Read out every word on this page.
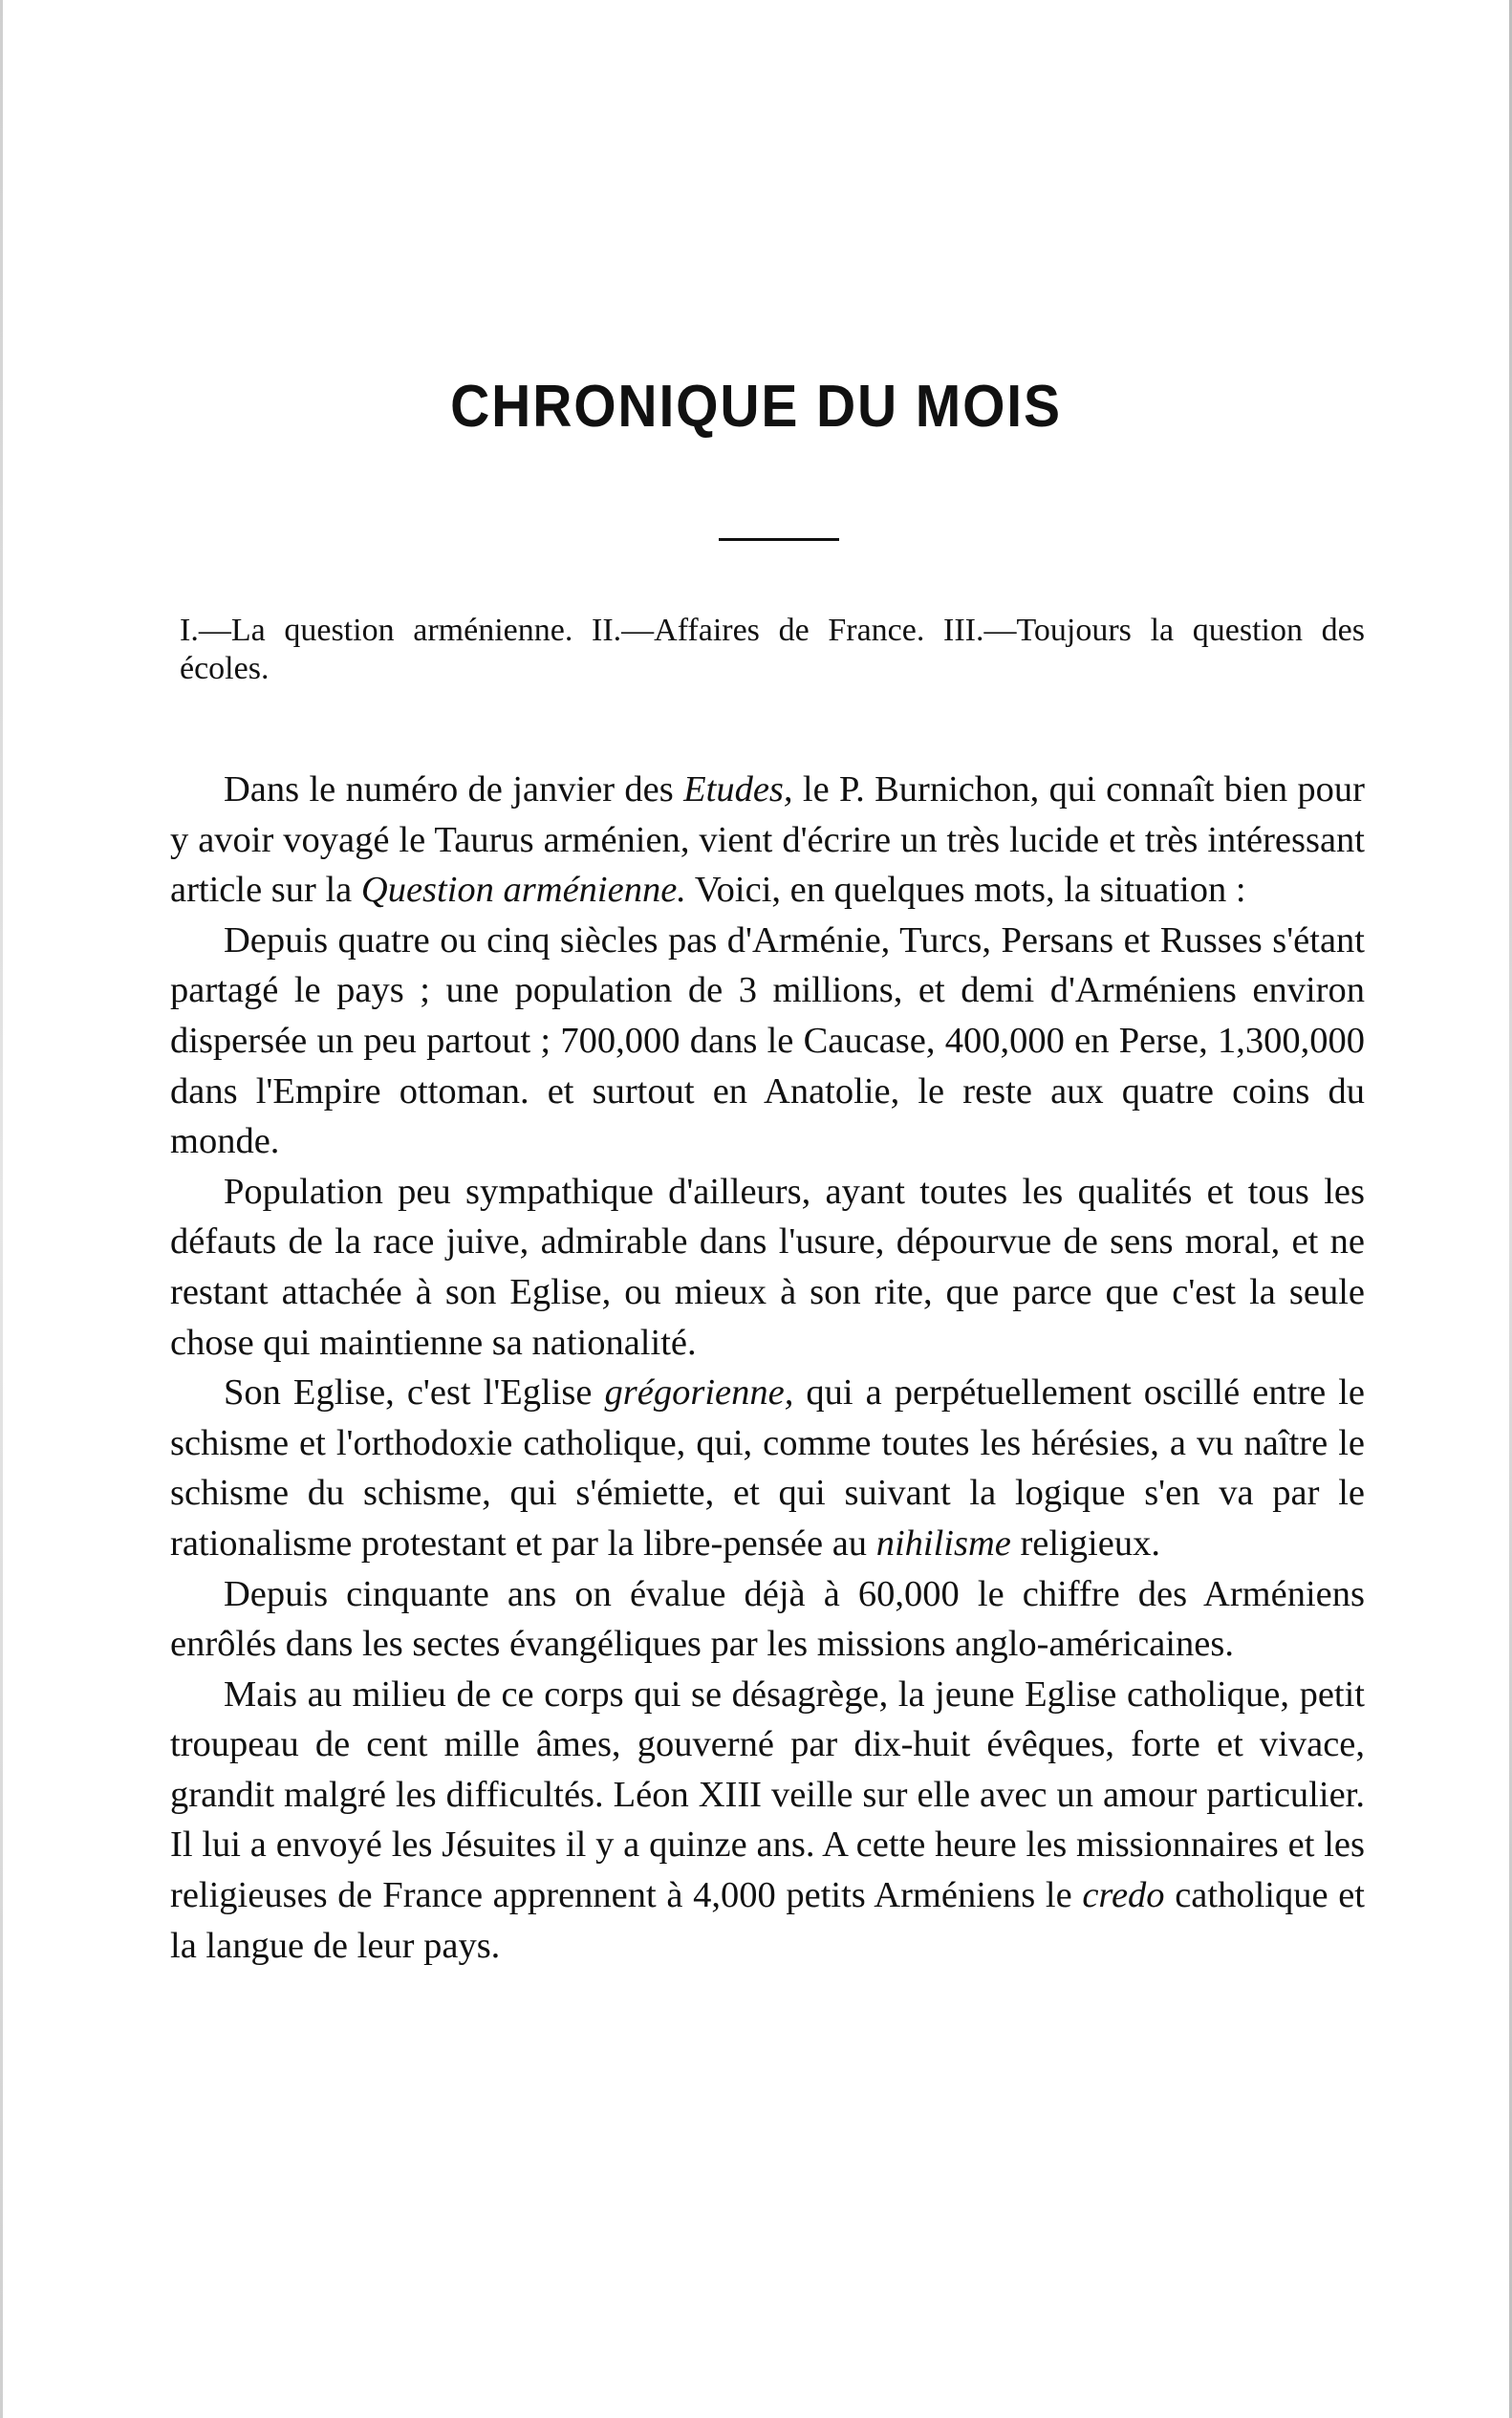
CHRONIQUE DU MOIS

I.—La question arménienne. II.—Affaires de France. III.—Toujours la question des écoles.

Dans le numéro de janvier des Etudes, le P. Burnichon, qui connaît bien pour y avoir voyagé le Taurus arménien, vient d'écrire un très lucide et très intéressant article sur la Question arménienne. Voici, en quelques mots, la situation :

Depuis quatre ou cinq siècles pas d'Arménie, Turcs, Persans et Russes s'étant partagé le pays ; une population de 3 millions, et demi d'Arméniens environ dispersée un peu partout ; 700,000 dans le Caucase, 400,000 en Perse, 1,300,000 dans l'Empire ottoman. et surtout en Anatolie, le reste aux quatre coins du monde.

Population peu sympathique d'ailleurs, ayant toutes les qualités et tous les défauts de la race juive, admirable dans l'usure, dépourvue de sens moral, et ne restant attachée à son Eglise, ou mieux à son rite, que parce que c'est la seule chose qui maintienne sa nationalité.

Son Eglise, c'est l'Eglise grégorienne, qui a perpétuellement oscillé entre le schisme et l'orthodoxie catholique, qui, comme toutes les hérésies, a vu naître le schisme du schisme, qui s'émiette, et qui suivant la logique s'en va par le rationalisme protestant et par la libre-pensée au nihilisme religieux.

Depuis cinquante ans on évalue déjà à 60,000 le chiffre des Arméniens enrôlés dans les sectes évangéliques par les missions anglo-américaines.

Mais au milieu de ce corps qui se désagrège, la jeune Eglise catholique, petit troupeau de cent mille âmes, gouverné par dix-huit évêques, forte et vivace, grandit malgré les difficultés. Léon XIII veille sur elle avec un amour particulier. Il lui a envoyé les Jésuites il y a quinze ans. A cette heure les missionnaires et les religieuses de France apprennent à 4,000 petits Arméniens le credo catholique et la langue de leur pays.
